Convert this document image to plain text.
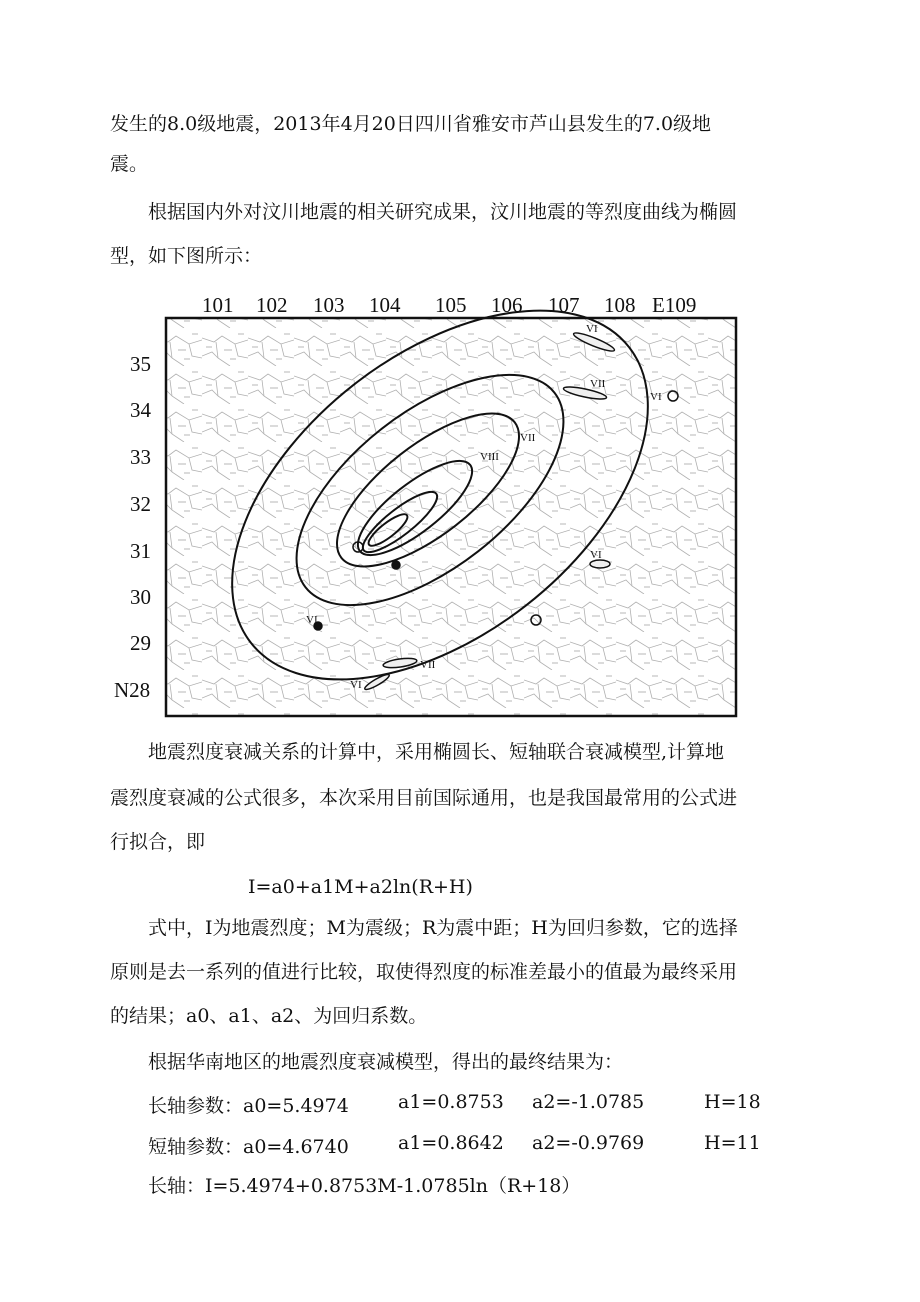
发生的8.0级地震，2013年4月20日四川省雅安市芦山县发生的7.0级地

震。

根据国内外对汶川地震的相关研究成果，汶川地震的等烈度曲线为椭圆

型，如下图所示：

101 102 103 104 105 106 107 108 E109
35
34
33
32
31
30
29
N28
VI
VII
VI
VII
VIII
VI
VII
VI
VI

地震烈度衰减关系的计算中，采用椭圆长、短轴联合衰减模型,计算地

震烈度衰减的公式很多，本次采用目前国际通用，也是我国最常用的公式进

行拟合，即

I=a0+a1M+a2ln(R+H)

式中，I为地震烈度；M为震级；R为震中距；H为回归参数，它的选择

原则是去一系列的值进行比较，取使得烈度的标准差最小的值最为最终采用

的结果；a0、a1、a2、为回归系数。

根据华南地区的地震烈度衰减模型，得出的最终结果为：

长轴参数：a0=5.4974	a1=0.8753 a2=-1.0785	H=18
短轴参数：a0=4.6740	a1=0.8642 a2=-0.9769	H=11

长轴：I=5.4974+0.8753M-1.0785ln（R+18）
